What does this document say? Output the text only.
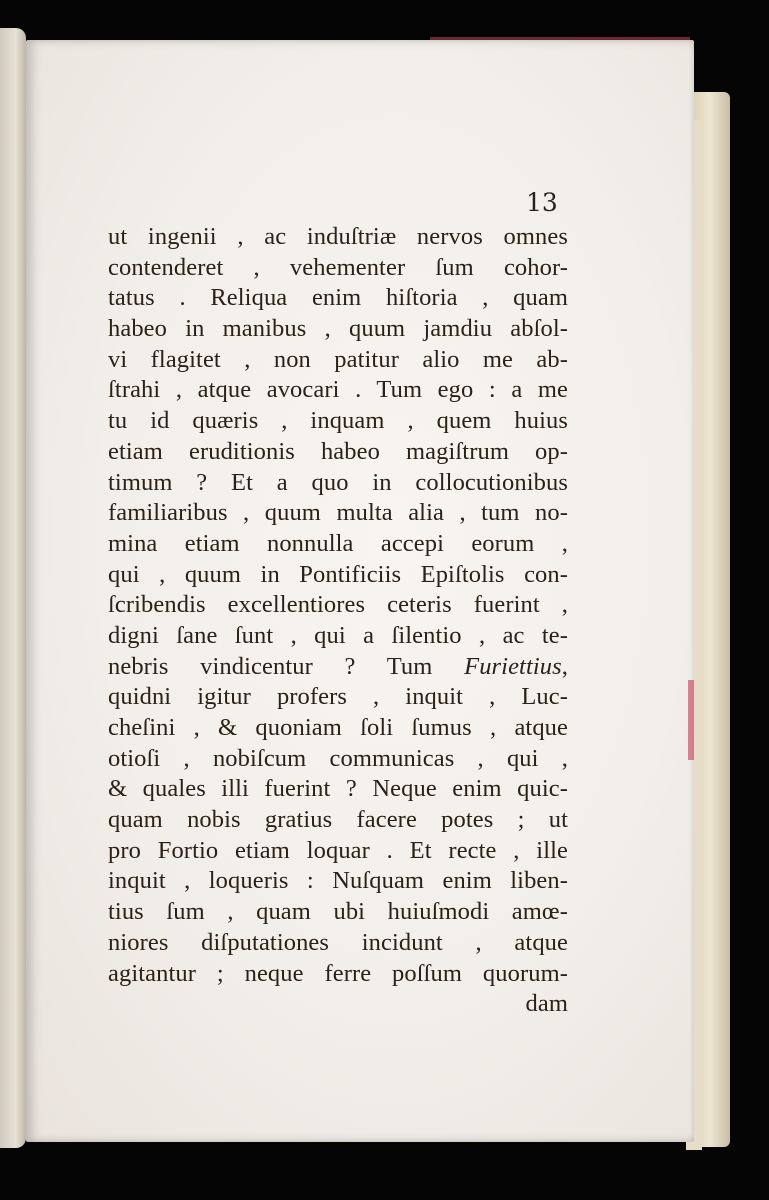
13
ut ingenii , ac induſtriæ nervos omnes
contenderet , vehementer ſum cohor-
tatus . Reliqua enim hiſtoria , quam
habeo in manibus , quum jamdiu abſol-
vi flagitet , non patitur alio me ab-
ſtrahi , atque avocari . Tum ego : a me
tu id quæris , inquam , quem huius
etiam eruditionis habeo magiſtrum op-
timum ? Et a quo in collocutionibus
familiaribus , quum multa alia , tum no-
mina etiam nonnulla accepi eorum ,
qui , quum in Pontificiis Epiſtolis con-
ſcribendis excellentiores ceteris fuerint ,
digni ſane ſunt , qui a ſilentio , ac te-
nebris vindicentur ? Tum Furiettius,
quidni igitur profers , inquit , Luc-
cheſini , & quoniam ſoli ſumus , atque
otioſi , nobiſcum communicas , qui ,
& quales illi fuerint ? Neque enim quic-
quam nobis gratius facere potes ; ut
pro Fortio etiam loquar . Et recte , ille
inquit , loqueris : Nuſquam enim liben-
tius ſum , quam ubi huiuſmodi amœ-
niores diſputationes incidunt , atque
agitantur ; neque ferre poſſum quorum-
dam
